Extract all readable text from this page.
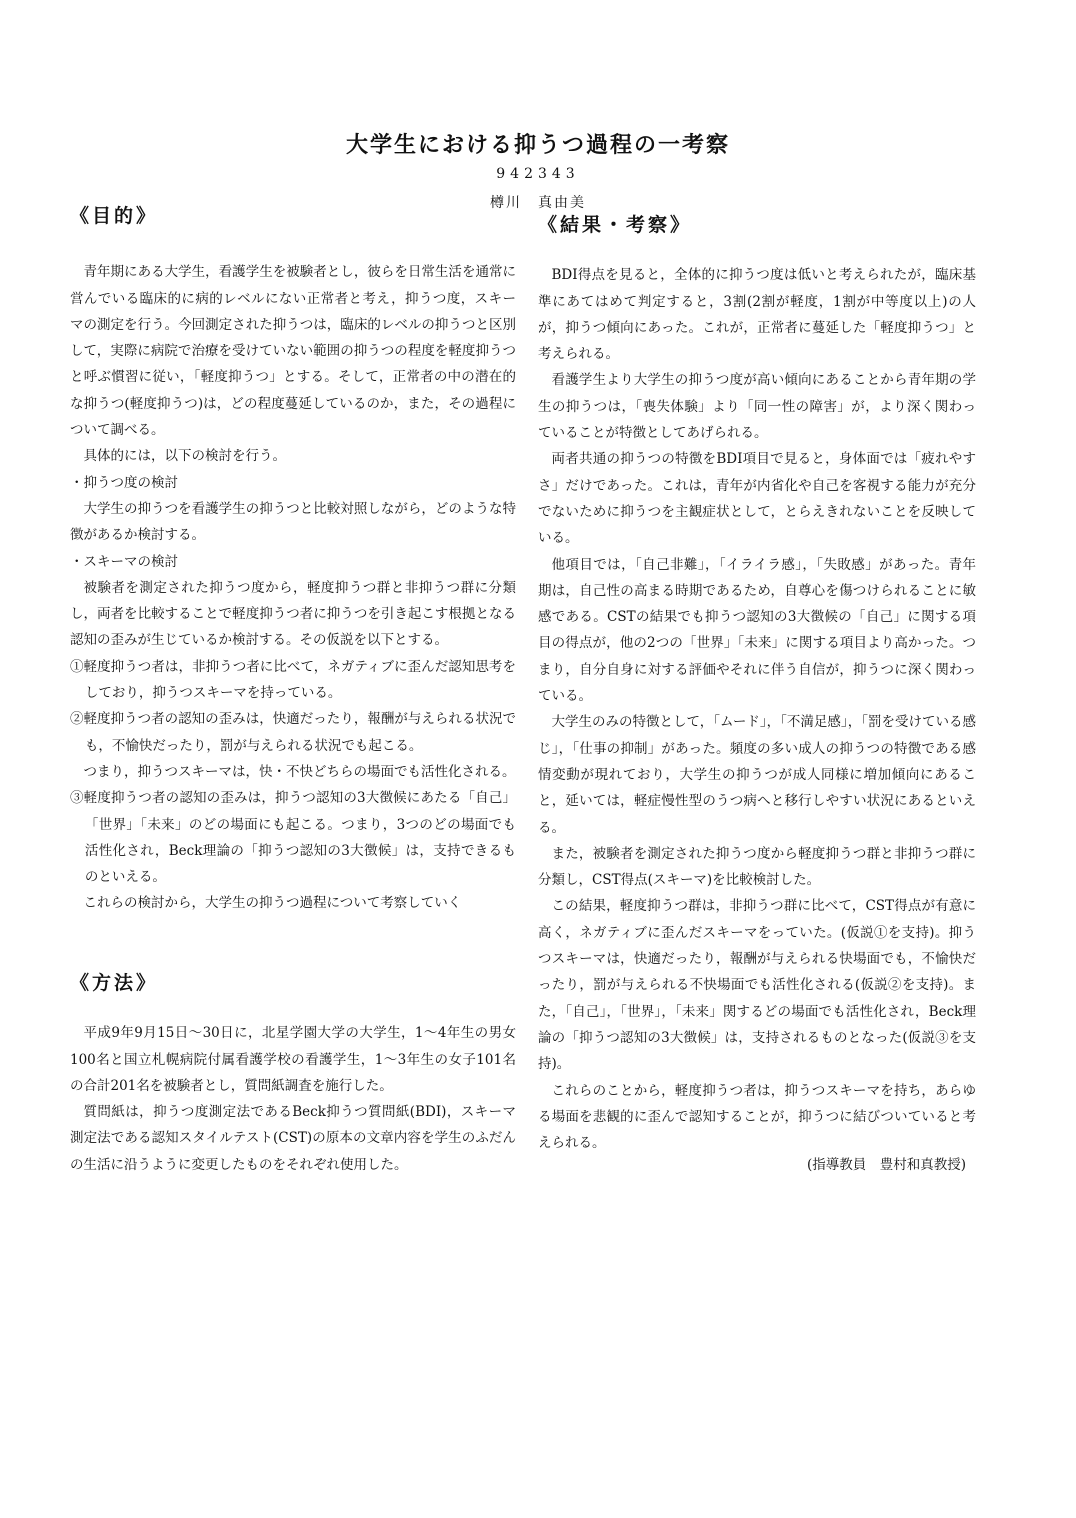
大学生における抑うつ過程の一考察
942343
樽川　真由美
《目的》

青年期にある大学生，看護学生を被験者とし，彼らを日常生活を通常に営んでいる臨床的に病的レベルにない正常者と考え，抑うつ度，スキーマの測定を行う。今回測定された抑うつは，臨床的レベルの抑うつと区別して，実際に病院で治療を受けていない範囲の抑うつの程度を軽度抑うつと呼ぶ慣習に従い，「軽度抑うつ」とする。そして，正常者の中の潜在的な抑うつ(軽度抑うつ)は，どの程度蔓延しているのか，また，その過程について調べる。

具体的には，以下の検討を行う。

・抑うつ度の検討

大学生の抑うつを看護学生の抑うつと比較対照しながら，どのような特徴があるか検討する。

・スキーマの検討

被験者を測定された抑うつ度から，軽度抑うつ群と非抑うつ群に分類し，両者を比較することで軽度抑うつ者に抑うつを引き起こす根拠となる認知の歪みが生じているか検討する。その仮説を以下とする。

①軽度抑うつ者は，非抑うつ者に比べて，ネガティブに歪んだ認知思考をしており，抑うつスキーマを持っている。

②軽度抑うつ者の認知の歪みは，快適だったり，報酬が与えられる状況でも，不愉快だったり，罰が与えられる状況でも起こる。

つまり，抑うつスキーマは，快・不快どちらの場面でも活性化される。

③軽度抑うつ者の認知の歪みは，抑うつ認知の3大徴候にあたる「自己」「世界」「未来」のどの場面にも起こる。つまり，3つのどの場面でも活性化され，Beck理論の「抑うつ認知の3大徴候」は，支持できるものといえる。

これらの検討から，大学生の抑うつ過程について考察していく

《方法》

平成9年9月15日～30日に，北星学園大学の大学生，1～4年生の男女100名と国立札幌病院付属看護学校の看護学生，1～3年生の女子101名の合計201名を被験者とし，質問紙調査を施行した。

質問紙は，抑うつ度測定法であるBeck抑うつ質問紙(BDI)，スキーマ測定法である認知スタイルテスト(CST)の原本の文章内容を学生のふだんの生活に沿うように変更したものをそれぞれ使用した。

《結果・考察》

BDI得点を見ると，全体的に抑うつ度は低いと考えられたが，臨床基準にあてはめて判定すると，3割(2割が軽度，1割が中等度以上)の人が，抑うつ傾向にあった。これが，正常者に蔓延した「軽度抑うつ」と考えられる。

看護学生より大学生の抑うつ度が高い傾向にあることから青年期の学生の抑うつは，「喪失体験」より「同一性の障害」が，より深く関わっていることが特徴としてあげられる。

両者共通の抑うつの特徴をBDI項目で見ると，身体面では「疲れやすさ」だけであった。これは，青年が内省化や自己を客視する能力が充分でないために抑うつを主観症状として，とらえきれないことを反映している。

他項目では，「自己非難」，「イライラ感」，「失敗感」があった。青年期は，自己性の高まる時期であるため，自尊心を傷つけられることに敏感である。CSTの結果でも抑うつ認知の3大徴候の「自己」に関する項目の得点が，他の2つの「世界」「未来」に関する項目より高かった。つまり，自分自身に対する評価やそれに伴う自信が，抑うつに深く関わっている。

大学生のみの特徴として，「ムード」，「不満足感」，「罰を受けている感じ」，「仕事の抑制」があった。頻度の多い成人の抑うつの特徴である感情変動が現れており，大学生の抑うつが成人同様に増加傾向にあること，延いては，軽症慢性型のうつ病へと移行しやすい状況にあるといえる。

また，被験者を測定された抑うつ度から軽度抑うつ群と非抑うつ群に分類し，CST得点(スキーマ)を比較検討した。

この結果，軽度抑うつ群は，非抑うつ群に比べて，CST得点が有意に高く，ネガティブに歪んだスキーマをっていた。(仮説①を支持)。抑うつスキーマは，快適だったり，報酬が与えられる快場面でも，不愉快だったり，罰が与えられる不快場面でも活性化される(仮説②を支持)。また，「自己」，「世界」，「未来」関するどの場面でも活性化され，Beck理論の「抑うつ認知の3大徴候」は，支持されるものとなった(仮説③を支持)。

これらのことから，軽度抑うつ者は，抑うつスキーマを持ち，あらゆる場面を悲観的に歪んで認知することが，抑うつに結びついていると考えられる。

(指導教員　豊村和真教授)
